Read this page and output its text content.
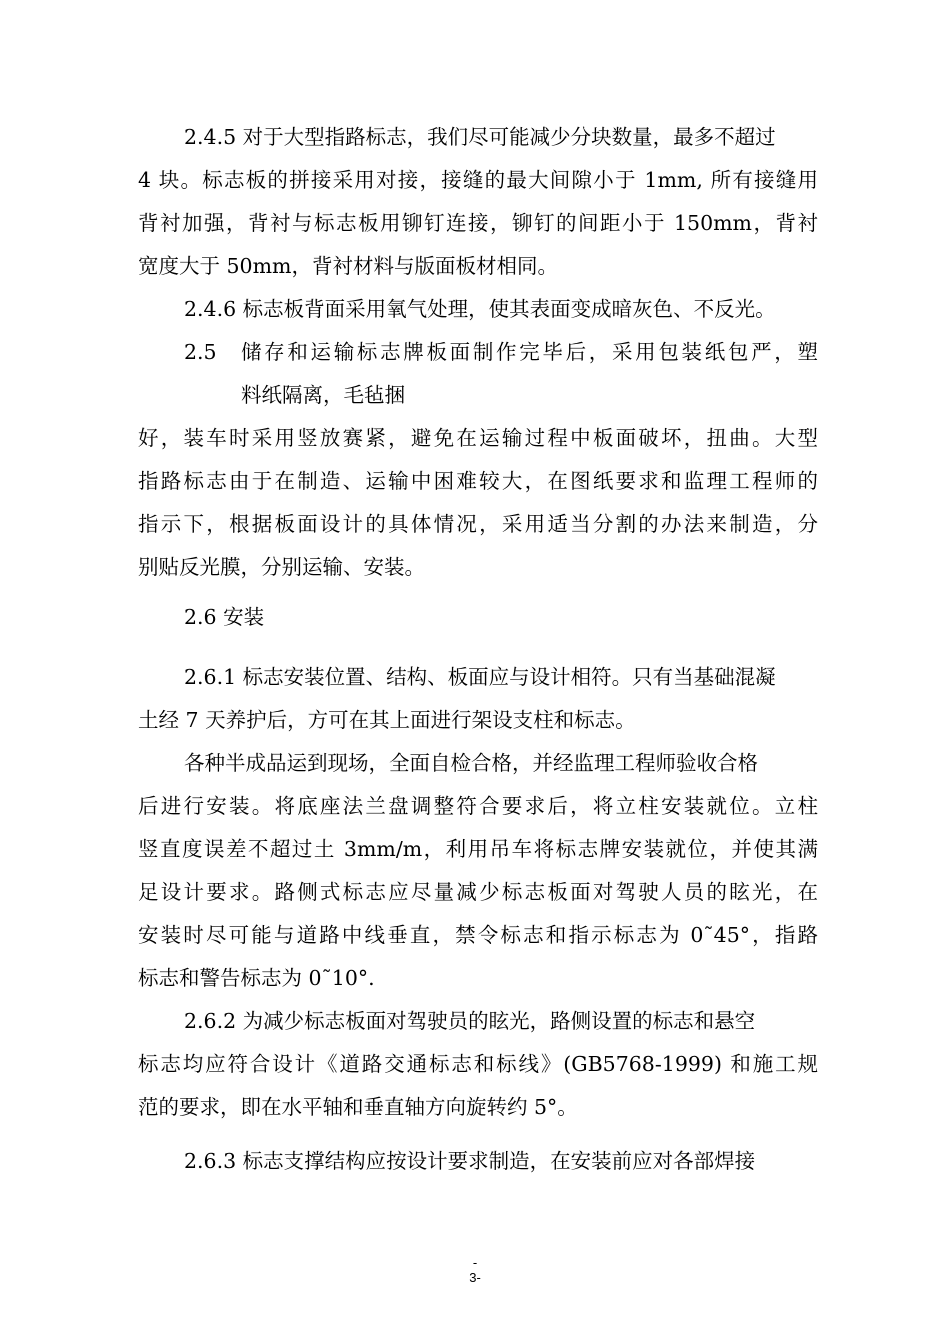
2.4.5 对于大型指路标志，我们尽可能减少分块数量，最多不超过

4 块。标志板的拼接采用对接，接缝的最大间隙小于 1mm, 所有接缝用

背衬加强，背衬与标志板用铆钉连接，铆钉的间距小于 150mm，背衬

宽度大于 50mm，背衬材料与版面板材相同。

2.4.6 标志板背面采用氧气处理，使其表面变成暗灰色、不反光。

2.5 储存和运输标志牌板面制作完毕后，采用包装纸包严，塑

料纸隔离，毛毡捆

好，装车时采用竖放赛紧，避免在运输过程中板面破坏，扭曲。大型

指路标志由于在制造、运输中困难较大，在图纸要求和监理工程师的

指示下，根据板面设计的具体情况，采用适当分割的办法来制造，分

别贴反光膜，分别运输、安装。

2.6 安装

2.6.1 标志安装位置、结构、板面应与设计相符。只有当基础混凝

土经 7 天养护后，方可在其上面进行架设支柱和标志。

各种半成品运到现场，全面自检合格，并经监理工程师验收合格

后进行安装。将底座法兰盘调整符合要求后，将立柱安装就位。立柱

竖直度误差不超过土 3mm/m，利用吊车将标志牌安装就位，并使其满

足设计要求。路侧式标志应尽量减少标志板面对驾驶人员的眩光，在

安装时尽可能与道路中线垂直，禁令标志和指示标志为 0˜45°，指路

标志和警告标志为 0˜10°.

2.6.2 为减少标志板面对驾驶员的眩光，路侧设置的标志和悬空

标志均应符合设计《道路交通标志和标线》(GB5768-1999) 和施工规

范的要求，即在水平轴和垂直轴方向旋转约 5°。

2.6.3 标志支撑结构应按设计要求制造，在安装前应对各部焊接

-
3-
